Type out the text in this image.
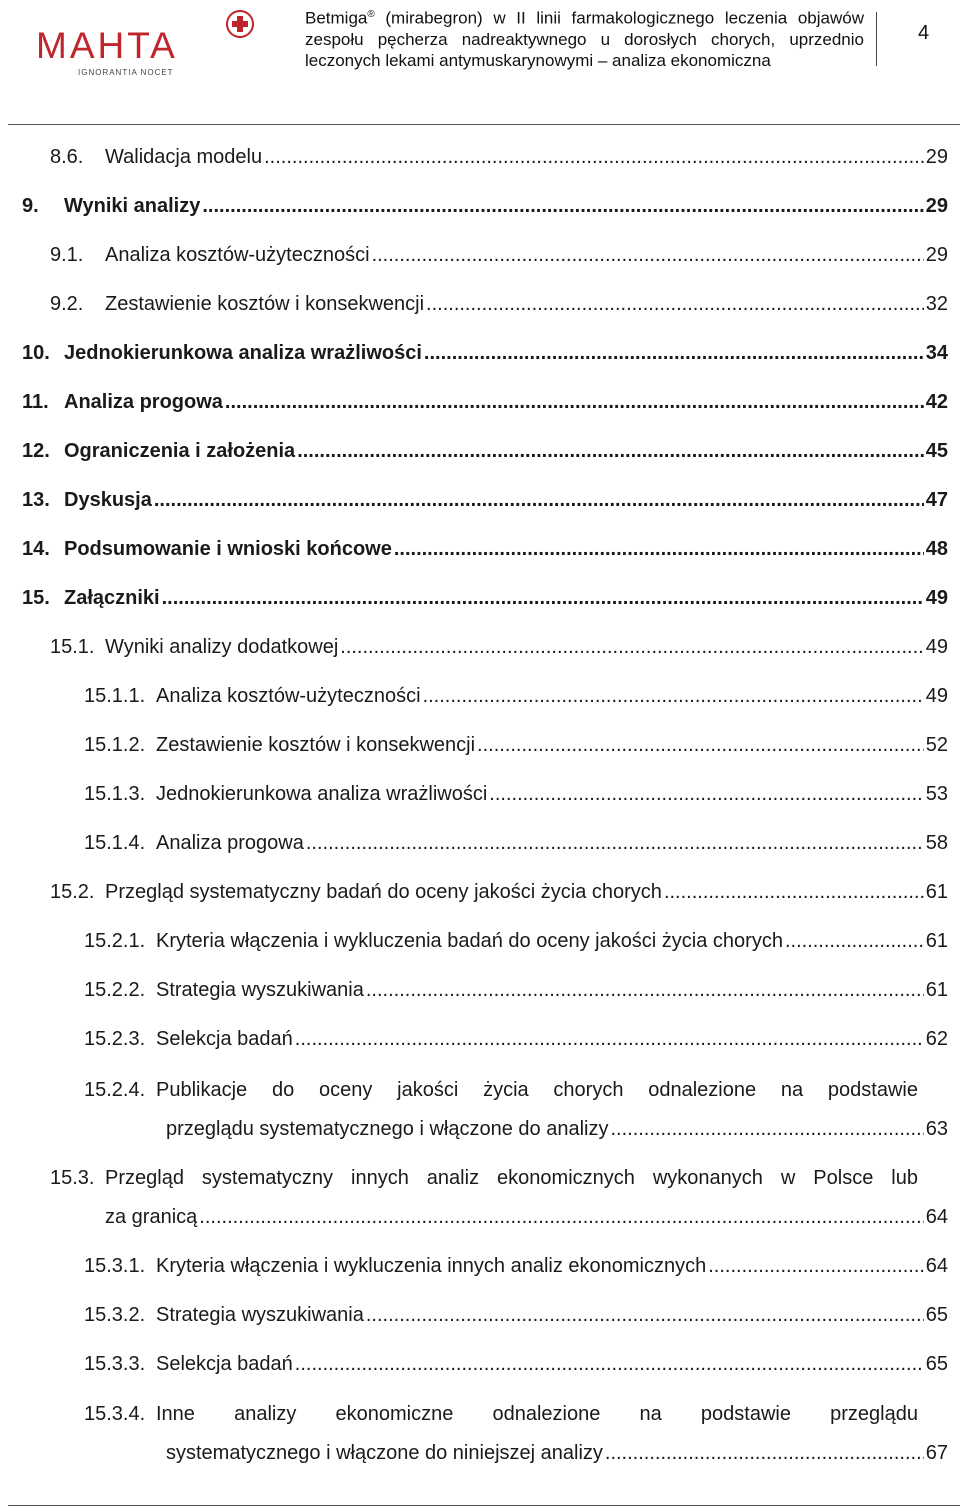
MAHTA
IGNORANTIA NOCET
Betmiga® (mirabegron) w II linii farmakologicznego leczenia objawów zespołu pęcherza nadreaktywnego u dorosłych chorych, uprzednio leczonych lekami antymuskarynowymi – analiza ekonomiczna
4
8.6. Walidacja modelu .....	29
9. Wyniki analizy .....	29
9.1. Analiza kosztów-użyteczności .....	29
9.2. Zestawienie kosztów i konsekwencji .....	32
10. Jednokierunkowa analiza wrażliwości .....	34
11. Analiza progowa .....	42
12. Ograniczenia i założenia .....	45
13. Dyskusja .....	47
14. Podsumowanie i wnioski końcowe .....	48
15. Załączniki .....	49
15.1. Wyniki analizy dodatkowej .....	49
15.1.1. Analiza kosztów-użyteczności .....	49
15.1.2. Zestawienie kosztów i konsekwencji .....	52
15.1.3. Jednokierunkowa analiza wrażliwości .....	53
15.1.4. Analiza progowa .....	58
15.2. Przegląd systematyczny badań do oceny jakości życia chorych .....	61
15.2.1. Kryteria włączenia i wykluczenia badań do oceny jakości życia chorych .....	61
15.2.2. Strategia wyszukiwania .....	61
15.2.3. Selekcja badań .....	62
15.2.4. Publikacje do oceny jakości życia chorych odnalezione na podstawie
przeglądu systematycznego i włączone do analizy .....	63
15.3. Przegląd systematyczny innych analiz ekonomicznych wykonanych w Polsce lub
za granicą .....	64
15.3.1. Kryteria włączenia i wykluczenia innych analiz ekonomicznych .....	64
15.3.2. Strategia wyszukiwania .....	65
15.3.3. Selekcja badań .....	65
15.3.4. Inne analizy ekonomiczne odnalezione na podstawie przeglądu
systematycznego i włączone do niniejszej analizy .....	67
